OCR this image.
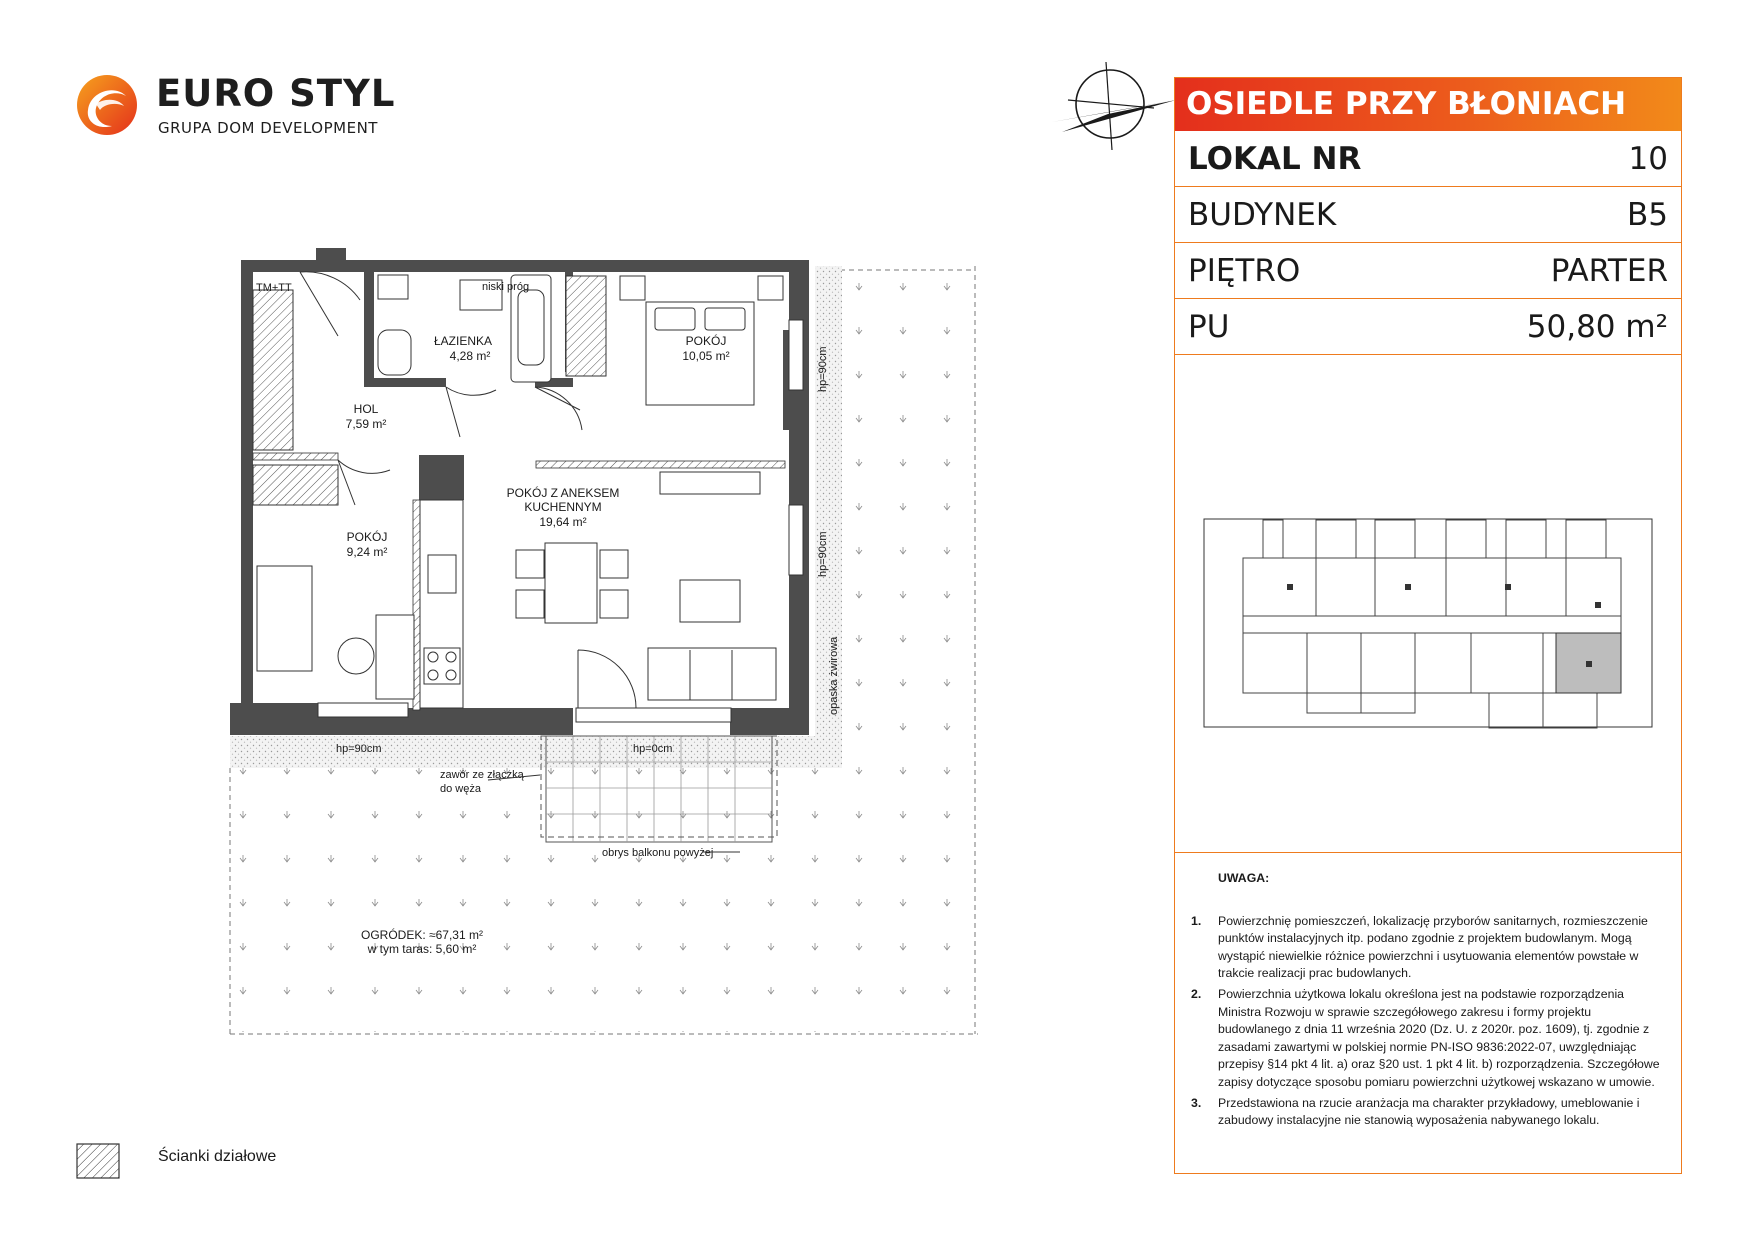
EURO STYL
GRUPA DOM DEVELOPMENT
ŁAZIENKA
4,28 m²
POKÓJ
10,05 m²
HOL
7,59 m²
POKÓJ Z ANEKSEM
KUCHENNYM
19,64 m²
POKÓJ
9,24 m²
OGRÓDEK: ≈67,31 m²
w tym taras: 5,60 m²
TM+TT	niski próg
hp=90cm	hp=0cm
zawór ze złączką
do węża
obrys balkonu powyżej
hp=90cm
hp=90cm
opaska żwirowa
Ścianki działowe
OSIEDLE PRZY BŁONIACH
LOKAL NR	10
BUDYNEK	B5
PIĘTRO	PARTER
PU	50,80 m²
UWAGA:
1.	Powierzchnię pomieszczeń, lokalizację przyborów sanitarnych, rozmieszczenie punktów instalacyjnych itp. podano zgodnie z projektem budowlanym. Mogą wystąpić niewielkie różnice powierzchni i usytuowania elementów powstałe w trakcie realizacji prac budowlanych.
2.	Powierzchnia użytkowa lokalu określona jest na podstawie rozporządzenia Ministra Rozwoju w sprawie szczegółowego zakresu i formy projektu budowlanego z dnia 11 września 2020 (Dz. U. z 2020r. poz. 1609), tj. zgodnie z zasadami zawartymi w polskiej normie PN-ISO 9836:2022-07, uwzględniając przepisy §14 pkt 4 lit. a) oraz §20 ust. 1 pkt 4 lit. b) rozporządzenia. Szczegółowe zapisy dotyczące sposobu pomiaru powierzchni użytkowej wskazano w umowie.
3.	Przedstawiona na rzucie aranżacja ma charakter przykładowy, umeblowanie i zabudowy instalacyjne nie stanowią wyposażenia nabywanego lokalu.
